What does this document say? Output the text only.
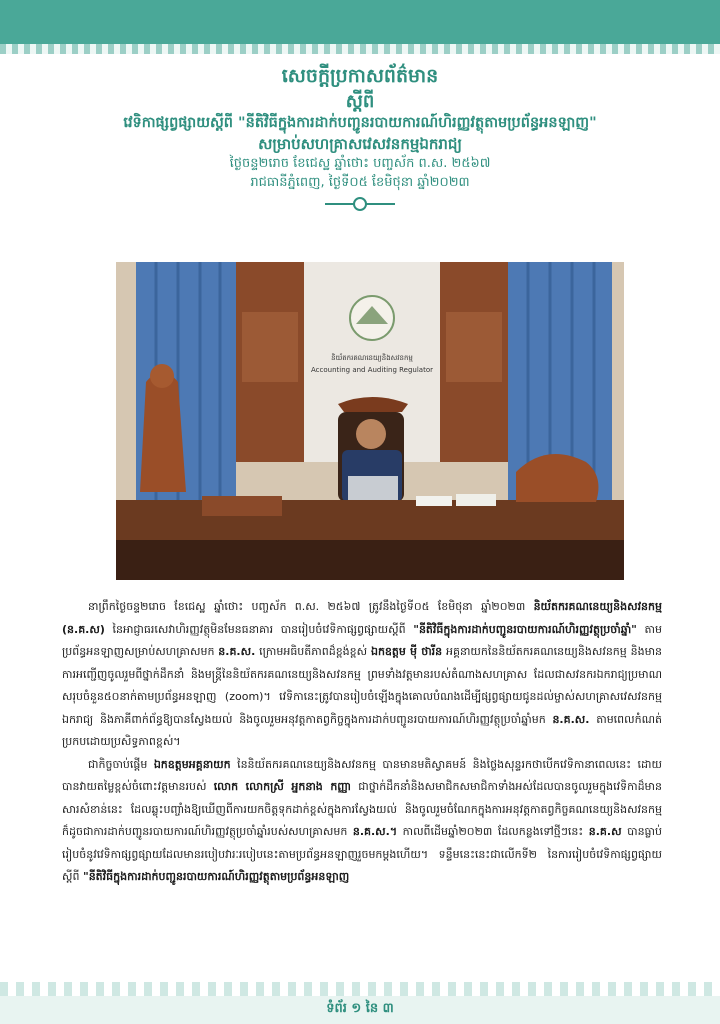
សេចក្ដីប្រកាសព័ត៌មាន
ស្ដីពី
វេទិកាផ្សព្វផ្សាយស្ដីពី "នីតិវិធីក្នុងការដាក់បញ្ជូនរបាយការណ៍ហិរញ្ញវត្ថុតាមប្រព័ន្ធអនឡាញ"
សម្រាប់សហគ្រាសវេសវនកម្មឯករាជ្យ
ថ្ងៃចន្ទ២រោច ខែជេស្ឋ ឆ្នាំថោះ បញ្ចស័ក ព.ស. ២៥៦៧
រាជធានីភ្នំពេញ, ថ្ងៃទី០៥ ខែមិថុនា ឆ្នាំ២០២៣
និយ័តករគណនេយ្យនិងសវនកម្ម
Accounting and Auditing Regulator

នាព្រឹកថ្ងៃចន្ទ២រោច ខែជេស្ឋ ឆ្នាំថោះ បញ្ចស័ក ព.ស. ២៥៦៧ ត្រូវនឹងថ្ងៃទី០៥ ខែមិថុនា ឆ្នាំ២០២៣ និយ័តករគណនេយ្យនិងសវនកម្ម (ន.គ.ស) នៃអាជ្ញាធរសេវាហិរញ្ញវត្ថុមិនមែនធនាគារ បានរៀបចំវេទិកាផ្សព្វផ្សាយស្ដីពី "នីតិវិធីក្នុងការដាក់បញ្ជូនរបាយការណ៍ហិរញ្ញវត្ថុប្រចាំឆ្នាំ" តាមប្រព័ន្ធអនឡាញសម្រាប់សហគ្រាសមក ន.គ.ស. ក្រោមអធិបតីភាពដ៏ខ្ពង់ខ្ពស់ ឯកឧត្ដម ម៉ី ថារីន អគ្គនាយកនៃនិយ័តករគណនេយ្យនិងសវនកម្ម និងមានការអញ្ជើញចូលរួមពីថ្នាក់ដឹកនាំ និងមន្ត្រីនៃនិយ័តករគណនេយ្យនិងសវនកម្ម ព្រមទាំងវត្តមានរបស់តំណាងសហគ្រាស ដែលជាសវនករឯករាជ្យប្រមាណសរុបចំនួន៥០នាក់តាមប្រព័ន្ធអនឡាញ (zoom)។ វេទិកានេះត្រូវបានរៀបចំឡើងក្នុងគោលបំណងដើម្បីផ្សព្វផ្សាយជូនដល់ម្ចាស់សហគ្រាសវេសវនកម្មឯករាជ្យ និងភាគីពាក់ព័ន្ធឱ្យបានស្វែងយល់ និងចូលរួមអនុវត្តកាតព្វកិច្ចក្នុងការដាក់បញ្ជូនរបាយការណ៍ហិរញ្ញវត្ថុប្រចាំឆ្នាំមក ន.គ.ស. តាមពេលកំណត់ប្រកបដោយប្រសិទ្ធភាពខ្ពស់។

ជាកិច្ចចាប់ផ្ដើម ឯកឧត្ដមអគ្គនាយក នៃនិយ័តករគណនេយ្យនិងសវនកម្ម បានមានមតិស្វាគមន៍ និងថ្លៃងសុន្ទរកថាបើកវេទិកានាពេលនេះ ដោយបានវាយតម្លៃខ្ពស់ចំពោះវត្តមានរបស់ លោក លោកស្រី អ្នកនាង កញ្ញា ជាថ្នាក់ដឹកនាំនិងសមាជិកសមាជិកាទាំងអស់ដែលបានចូលរួមក្នុងវេទិកាដ៏មានសារសំខាន់នេះ ដែលឆ្លុះបញ្ចាំងឱ្យឃើញពីការយកចិត្តទុកដាក់ខ្ពស់ក្នុងការស្វែងយល់ និងចូលរួមចំណែកក្នុងការអនុវត្តកាតព្វកិច្ចគណនេយ្យនិងសវនកម្ម ក៏ដូចជាការដាក់បញ្ជូនរបាយការណ៍ហិរញ្ញវត្ថុប្រចាំឆ្នាំរបស់សហគ្រាសមក ន.គ.ស.។ កាលពីដើមឆ្នាំ២០២៣ ដែលកន្លងទៅថ្មីៗនេះ ន.គ.ស បានធ្លាប់រៀបចំនូវវេទិកាផ្សព្វផ្សាយដែលមានរបៀបវារៈរបៀបនេះតាមប្រព័ន្ធអនឡាញរួចមកម្ដងហើយ។ ទន្ទឹមនេះនេះជាលើកទី២ នៃការរៀបចំវេទិកាផ្សព្វផ្សាយស្ដីពី "នីតិវិធីក្នុងការដាក់បញ្ជូនរបាយការណ៍ហិរញ្ញវត្ថុតាមប្រព័ន្ធអនឡាញ

ទំព័រ ១ នៃ ៣
